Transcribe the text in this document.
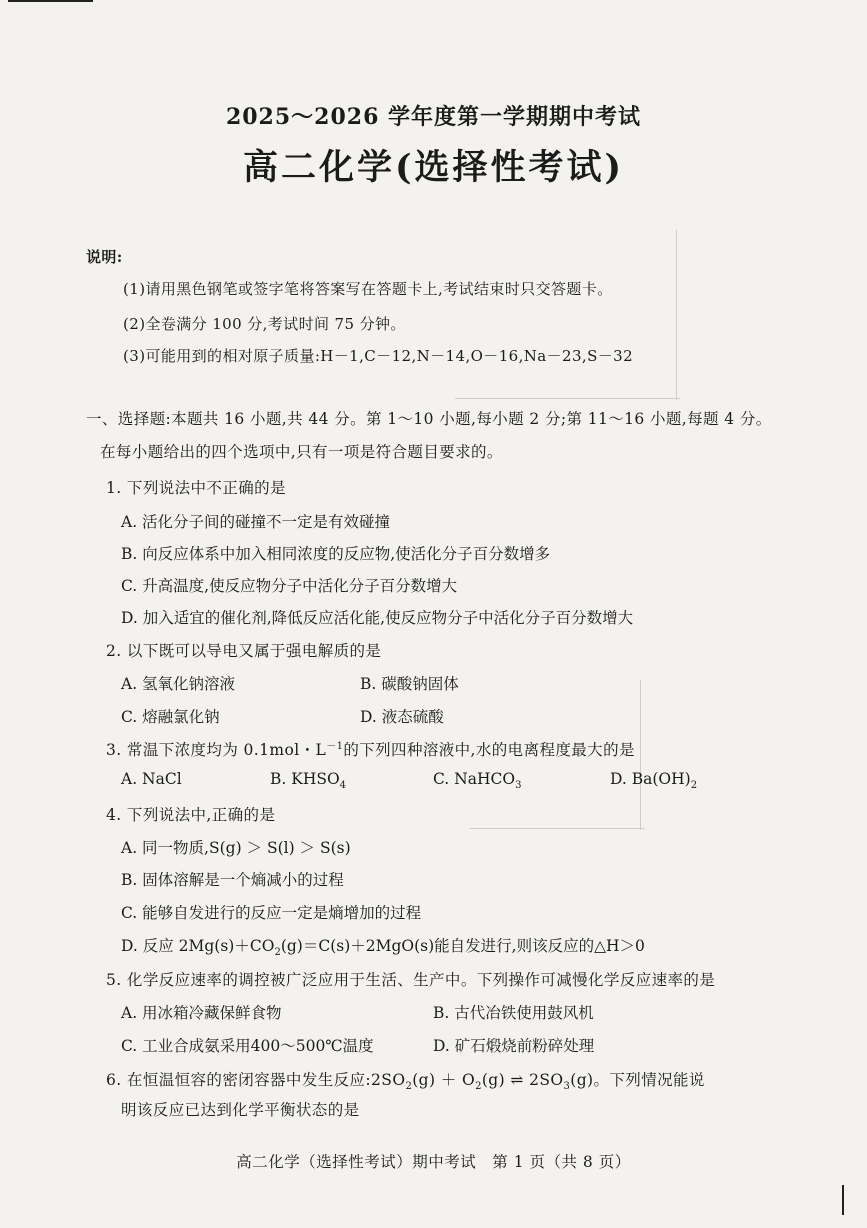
2025～2026 学年度第一学期期中考试
高二化学(选择性考试)
说明:
(1)请用黑色钢笔或签字笔将答案写在答题卡上,考试结束时只交答题卡。
(2)全卷满分 100 分,考试时间 75 分钟。
(3)可能用到的相对原子质量:H－1,C－12,N－14,O－16,Na－23,S－32
一、选择题:本题共 16 小题,共 44 分。第 1～10 小题,每小题 2 分;第 11～16 小题,每题 4 分。
在每小题给出的四个选项中,只有一项是符合题目要求的。
1. 下列说法中不正确的是
A. 活化分子间的碰撞不一定是有效碰撞
B. 向反应体系中加入相同浓度的反应物,使活化分子百分数增多
C. 升高温度,使反应物分子中活化分子百分数增大
D. 加入适宜的催化剂,降低反应活化能,使反应物分子中活化分子百分数增大
2. 以下既可以导电又属于强电解质的是
A. 氢氧化钠溶液	B. 碳酸钠固体
C. 熔融氯化钠	D. 液态硫酸
3. 常温下浓度均为 0.1mol・$L^{-1}$的下列四种溶液中,水的电离程度最大的是
A. NaCl	B. $KHSO_4$	C. NaHCO$_3$	D. $Ba(OH)_2$
4. 下列说法中,正确的是
A. 同一物质,S(g) ＞ S(l) ＞ S(s)
B. 固体溶解是一个熵减小的过程
C. 能够自发进行的反应一定是熵增加的过程
D. 反应 $2Mg(s)+CO_2(g)=C(s)+2MgO(s)$能自发进行,则该反应的△H＞0
5. 化学反应速率的调控被广泛应用于生活、生产中。下列操作可减慢化学反应速率的是
A. 用冰箱冷藏保鲜食物	B. 古代冶铁使用鼓风机
C. 工业合成氨采用400～500℃温度	D. 矿石煅烧前粉碎处理
6. 在恒温恒容的密闭容器中发生反应$:2SO_2(g) + O_2(g)$ ⇌ $2SO_3(g)$。下列情况能说
明该反应已达到化学平衡状态的是
高二化学（选择性考试）期中考试　第 1 页（共 8 页）
